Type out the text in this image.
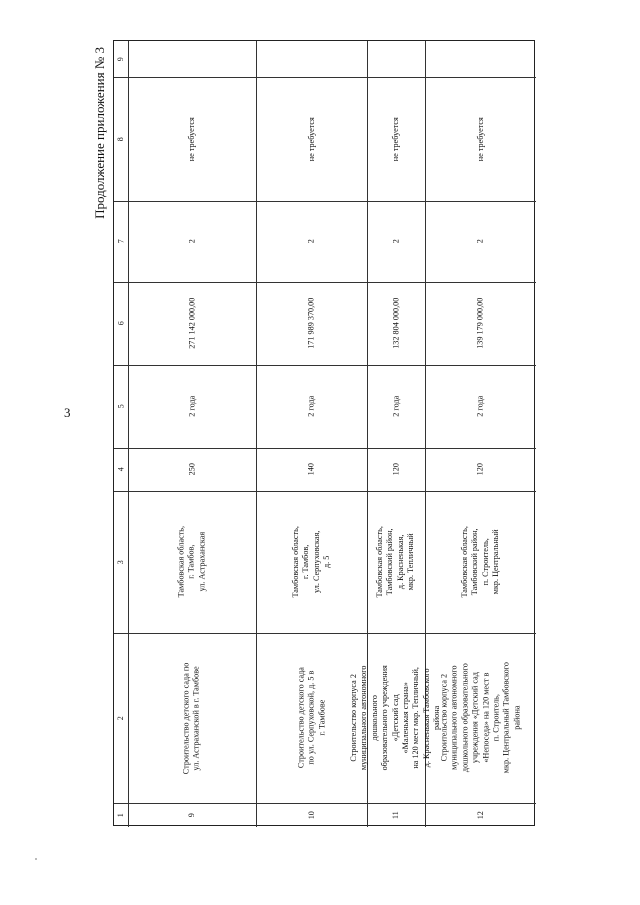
3
Продолжение приложения № 3	9
8
7
6
5
4
3
2
1
не требуется
2
271 142 000,00
2 года
250
Тамбовская область,
г. Тамбов,
ул. Астраханская
Строительство детского сада по
ул. Астраханской в г. Тамбове
9
не требуется
2
171 989 370,00
2 года
140
Тамбовская область,
г. Тамбов,
ул. Серпуховская,
д. 5
Строительство детского сада
по ул. Серпуховской, д. 5 в
г. Тамбове
10
не требуется
2
132 804 000,00
2 года
120
Тамбовская область,
Тамбовский район,
д. Красненькая,
мкр. Тепличный
Строительство корпуса 2
муниципального автономного
дошкольного
образовательного учреждения
«Детский сад
«Маленькая страна»
на 120 мест мкр. Тепличный,
д. Красненькая Тамбовского
района
11
не требуется
2
139 179 000,00
2 года
120
Тамбовская область,
Тамбовский район,
п. Строитель,
мкр. Центральный
Строительство корпуса 2
муниципального автономного
дошкольного образовательного
учреждения «Детский сад
«Непоседа» на 120 мест в
п. Строитель,
мкр. Центральный Тамбовского
района
12
